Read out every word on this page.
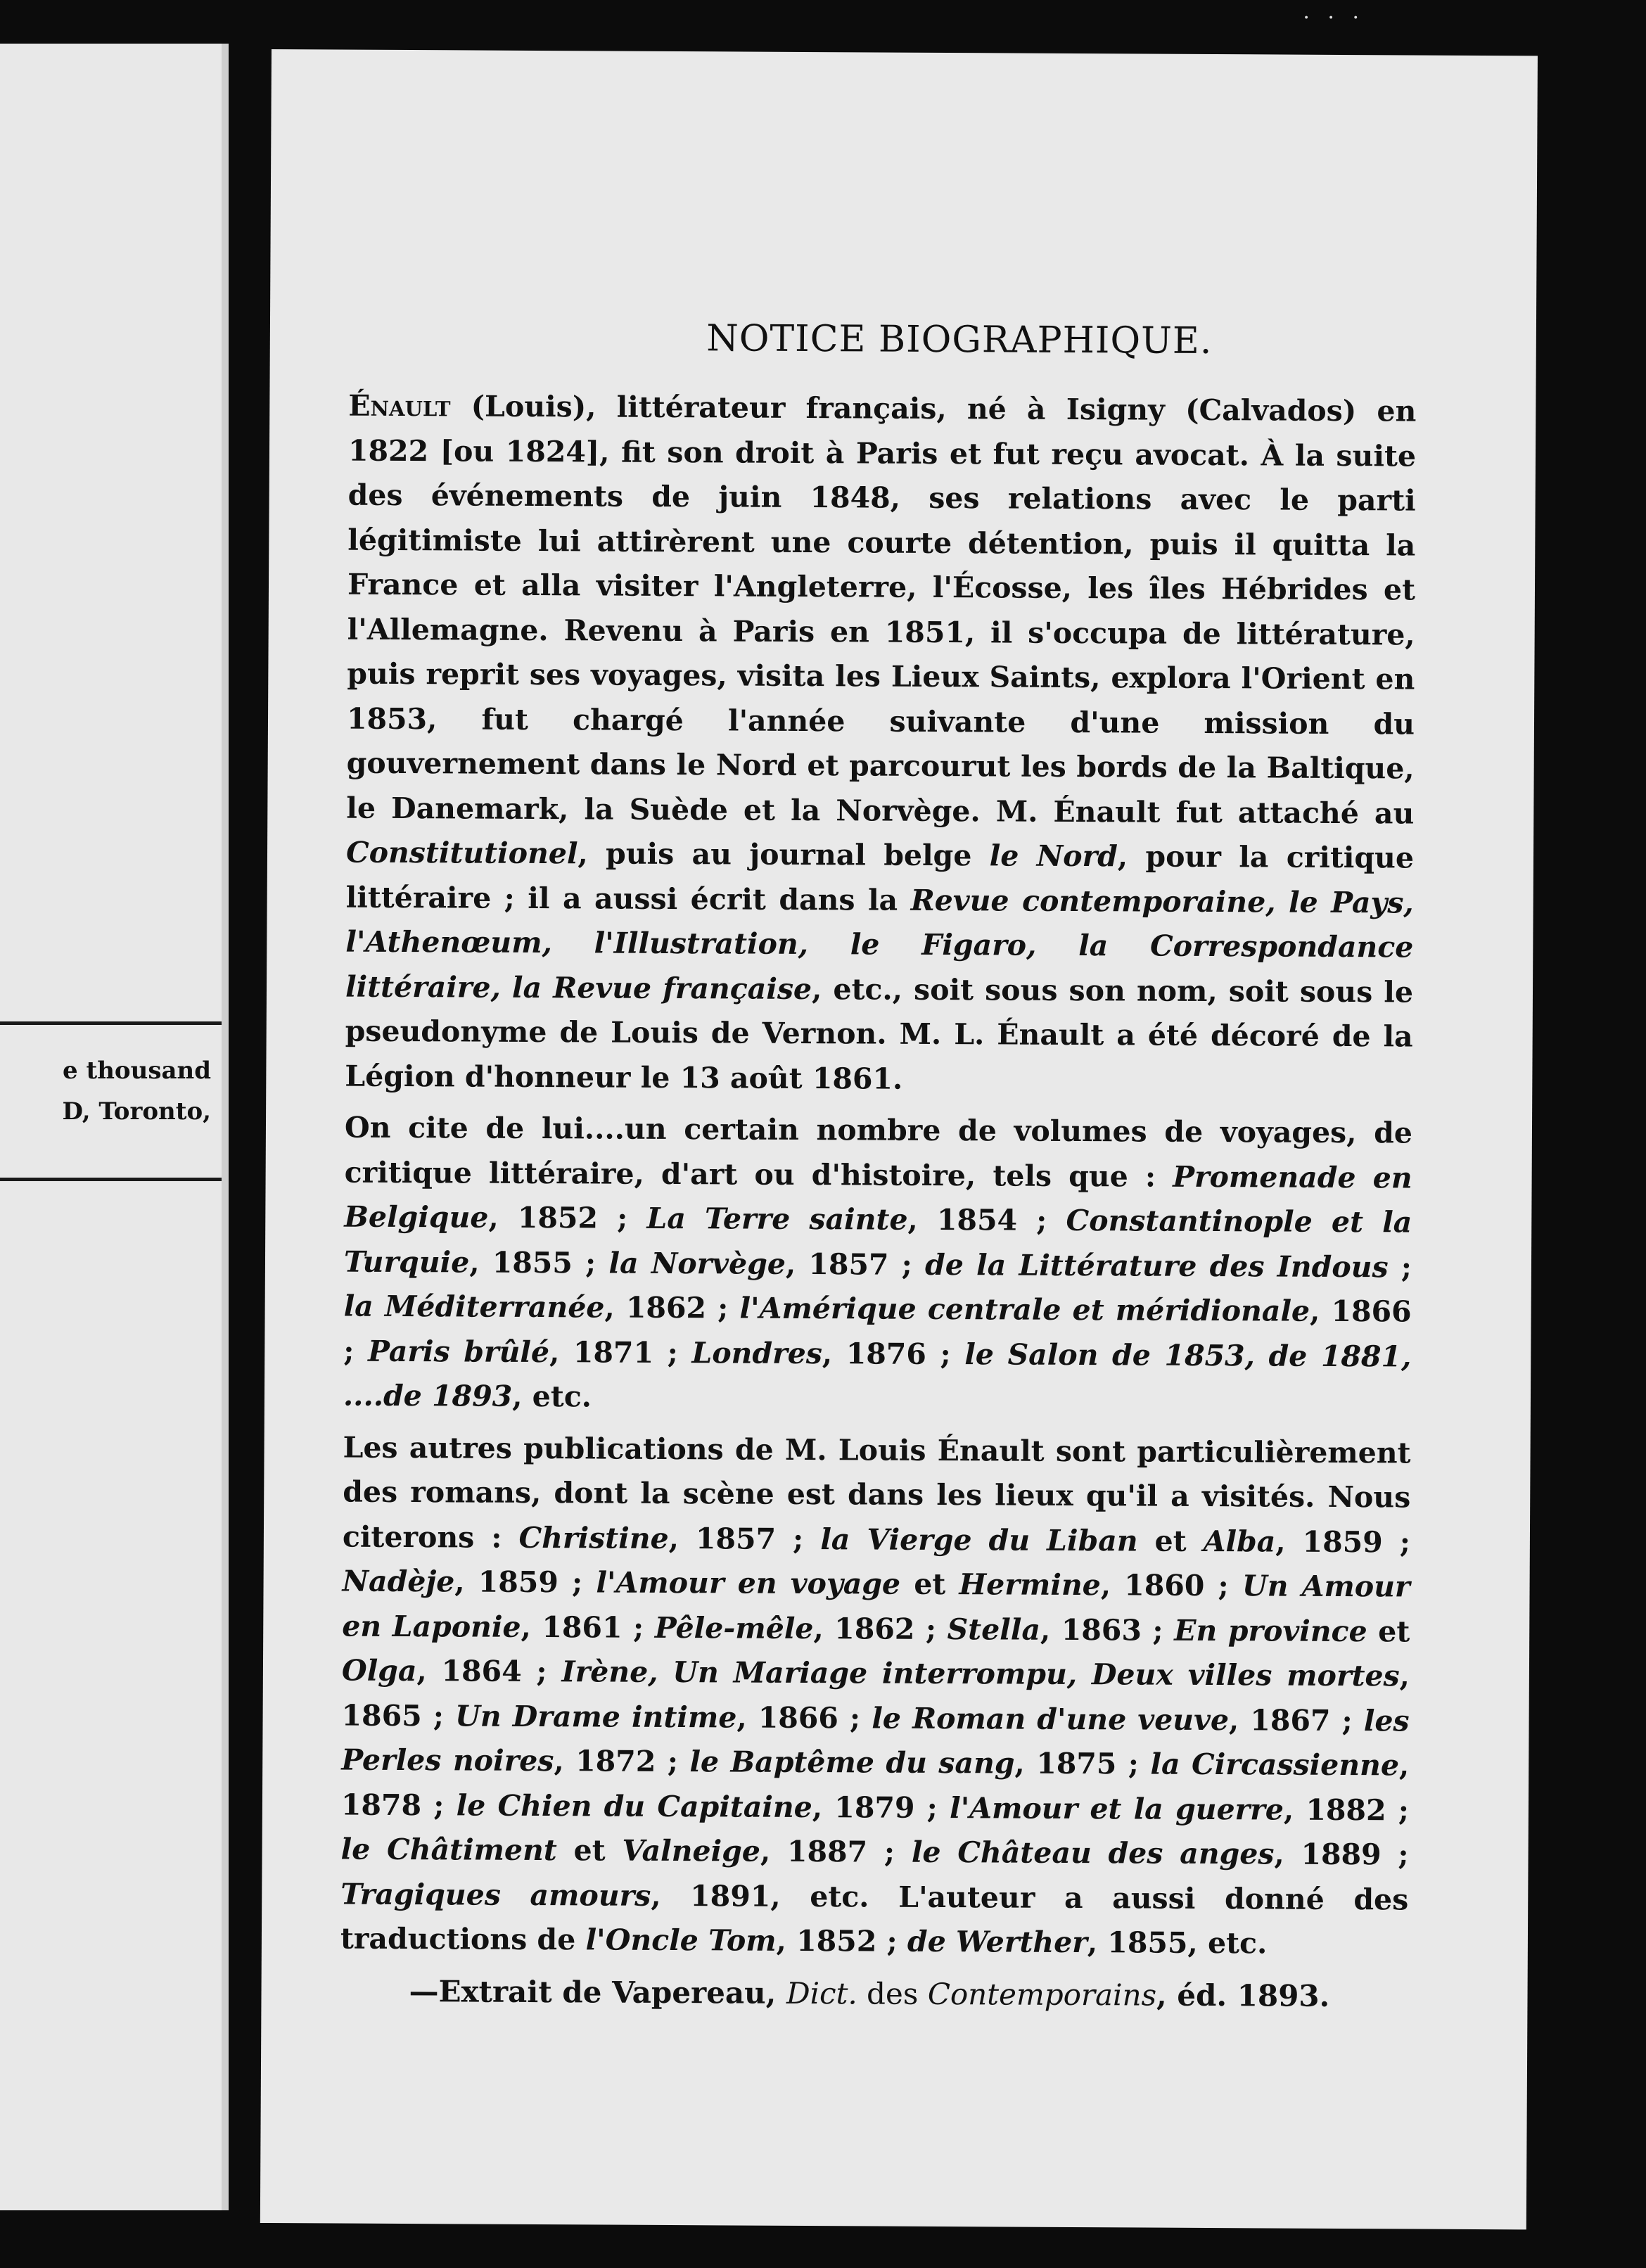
· · ·
e thousand
D, Toronto,
NOTICE BIOGRAPHIQUE.

Énault (Louis), littérateur français, né à Isigny (Calvados) en 1822 [ou 1824], fit son droit à Paris et fut reçu avocat. À la suite des événements de juin 1848, ses relations avec le parti légitimiste lui attirèrent une courte détention, puis il quitta la France et alla visiter l'Angleterre, l'Écosse, les îles Hébrides et l'Allemagne. Revenu à Paris en 1851, il s'occupa de littérature, puis reprit ses voyages, visita les Lieux Saints, explora l'Orient en 1853, fut chargé l'année suivante d'une mission du gouvernement dans le Nord et parcourut les bords de la Baltique, le Danemark, la Suède et la Norvège. M. Énault fut attaché au Constitutionel, puis au journal belge le Nord, pour la critique littéraire ; il a aussi écrit dans la Revue contemporaine, le Pays, l'Athenœum, l'Illustration, le Figaro, la Correspondance littéraire, la Revue française, etc., soit sous son nom, soit sous le pseudonyme de Louis de Vernon. M. L. Énault a été décoré de la Légion d'honneur le 13 août 1861.

On cite de lui....un certain nombre de volumes de voyages, de critique littéraire, d'art ou d'histoire, tels que : Promenade en Belgique, 1852 ; La Terre sainte, 1854 ; Constantinople et la Turquie, 1855 ; la Norvège, 1857 ; de la Littérature des Indous ; la Méditerranée, 1862 ; l'Amérique centrale et méridionale, 1866 ; Paris brûlé, 1871 ; Londres, 1876 ; le Salon de 1853, de 1881, ....de 1893, etc.

Les autres publications de M. Louis Énault sont particulièrement des romans, dont la scène est dans les lieux qu'il a visités. Nous citerons : Christine, 1857 ; la Vierge du Liban et Alba, 1859 ; Nadèje, 1859 ; l'Amour en voyage et Hermine, 1860 ; Un Amour en Laponie, 1861 ; Pêle-mêle, 1862 ; Stella, 1863 ; En province et Olga, 1864 ; Irène, Un Mariage interrompu, Deux villes mortes, 1865 ; Un Drame intime, 1866 ; le Roman d'une veuve, 1867 ; les Perles noires, 1872 ; le Baptême du sang, 1875 ; la Circassienne, 1878 ; le Chien du Capitaine, 1879 ; l'Amour et la guerre, 1882 ; le Châtiment et Valneige, 1887 ; le Château des anges, 1889 ; Tragiques amours, 1891, etc. L'auteur a aussi donné des traductions de l'Oncle Tom, 1852 ; de Werther, 1855, etc.

—Extrait de Vapereau, Dict. des Contemporains, éd. 1893.
